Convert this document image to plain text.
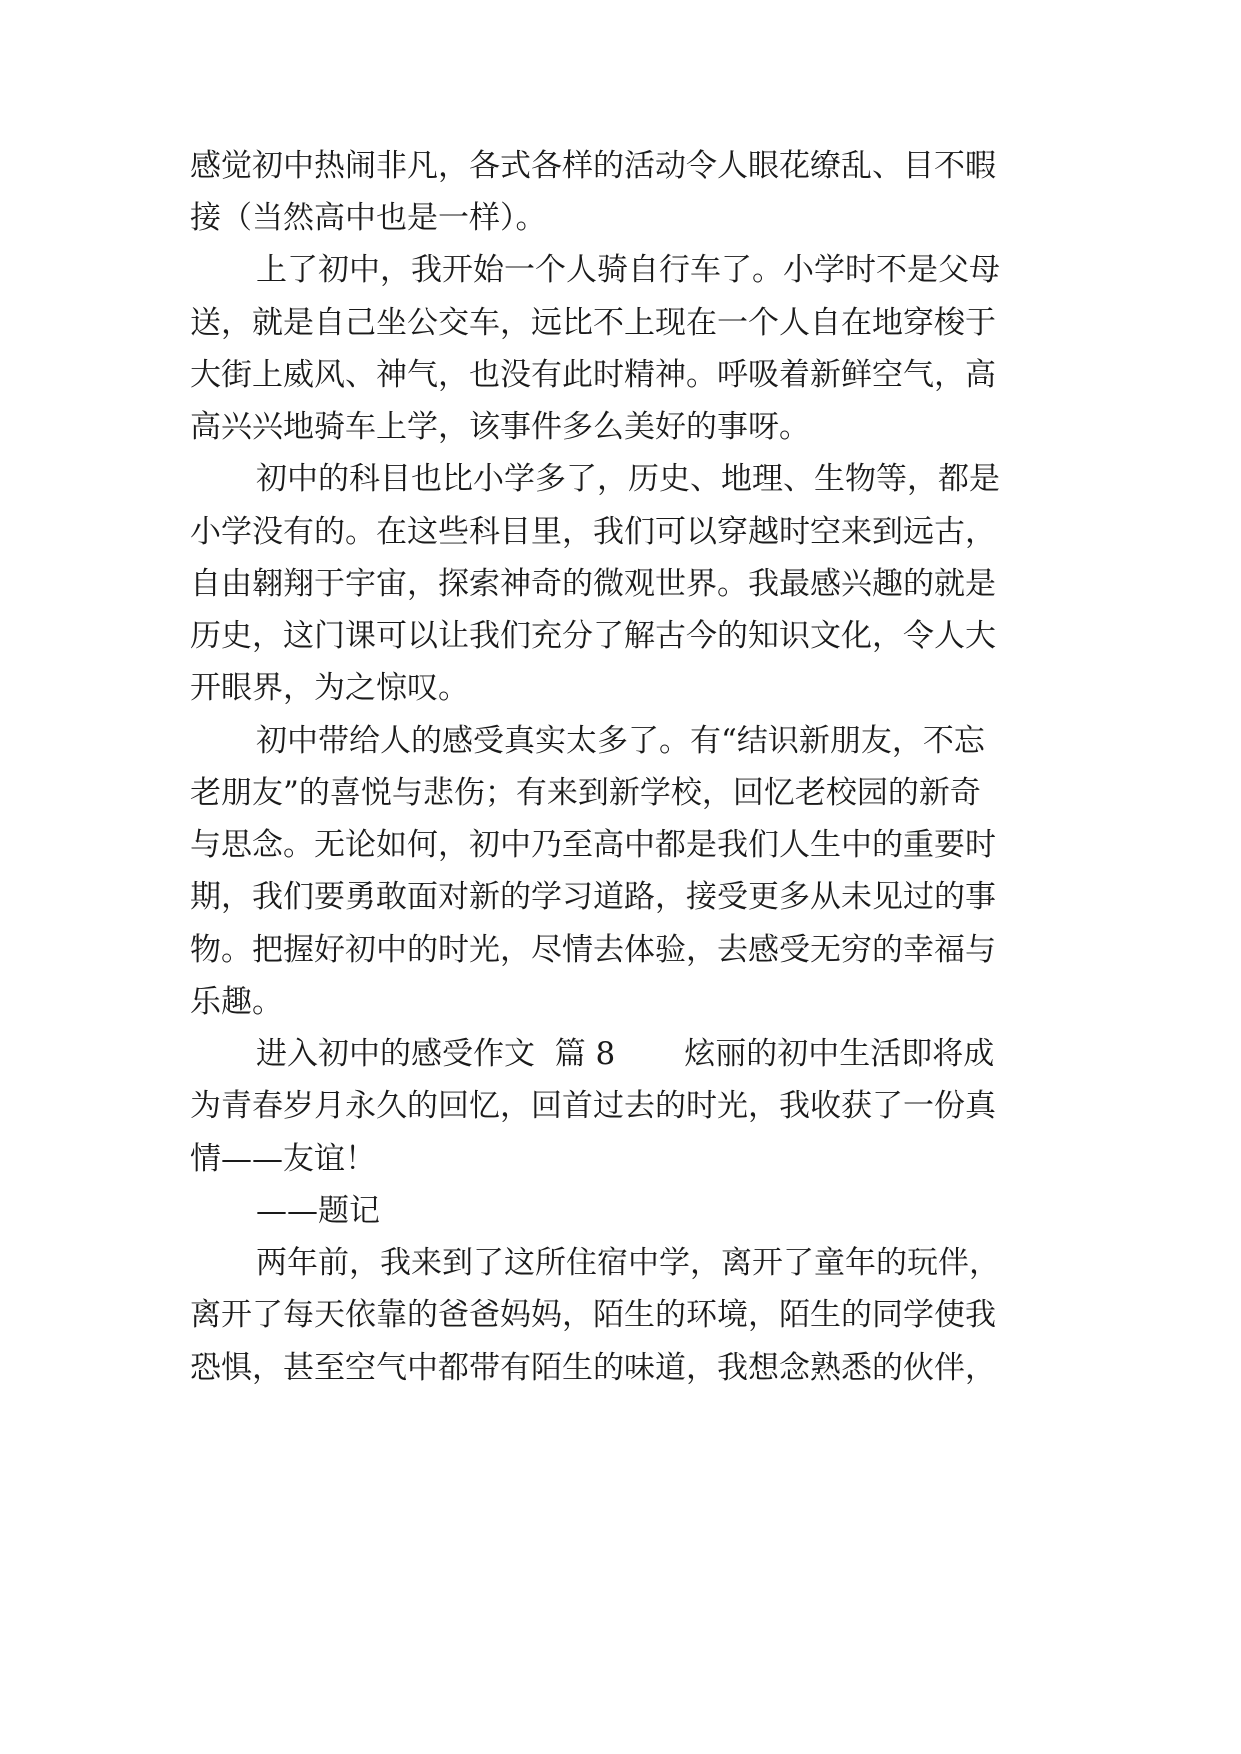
感觉初中热闹非凡，各式各样的活动令人眼花缭乱、目不暇
接（当然高中也是一样）。
上了初中，我开始一个人骑自行车了。小学时不是父母
送，就是自己坐公交车，远比不上现在一个人自在地穿梭于
大街上威风、神气，也没有此时精神。呼吸着新鲜空气，高
高兴兴地骑车上学，该事件多么美好的事呀。
初中的科目也比小学多了，历史、地理、生物等，都是
小学没有的。在这些科目里，我们可以穿越时空来到远古，
自由翱翔于宇宙，探索神奇的微观世界。我最感兴趣的就是
历史，这门课可以让我们充分了解古今的知识文化，令人大
开眼界，为之惊叹。
初中带给人的感受真实太多了。有“结识新朋友，不忘
老朋友”的喜悦与悲伤；有来到新学校，回忆老校园的新奇
与思念。无论如何，初中乃至高中都是我们人生中的重要时
期，我们要勇敢面对新的学习道路，接受更多从未见过的事
物。把握好初中的时光，尽情去体验，去感受无穷的幸福与
乐趣。
进入初中的感受作文  篇 8       炫丽的初中生活即将成
为青春岁月永久的回忆，回首过去的时光，我收获了一份真
情——友谊！
——题记
两年前，我来到了这所住宿中学，离开了童年的玩伴，
离开了每天依靠的爸爸妈妈，陌生的环境，陌生的同学使我
恐惧，甚至空气中都带有陌生的味道，我想念熟悉的伙伴，
